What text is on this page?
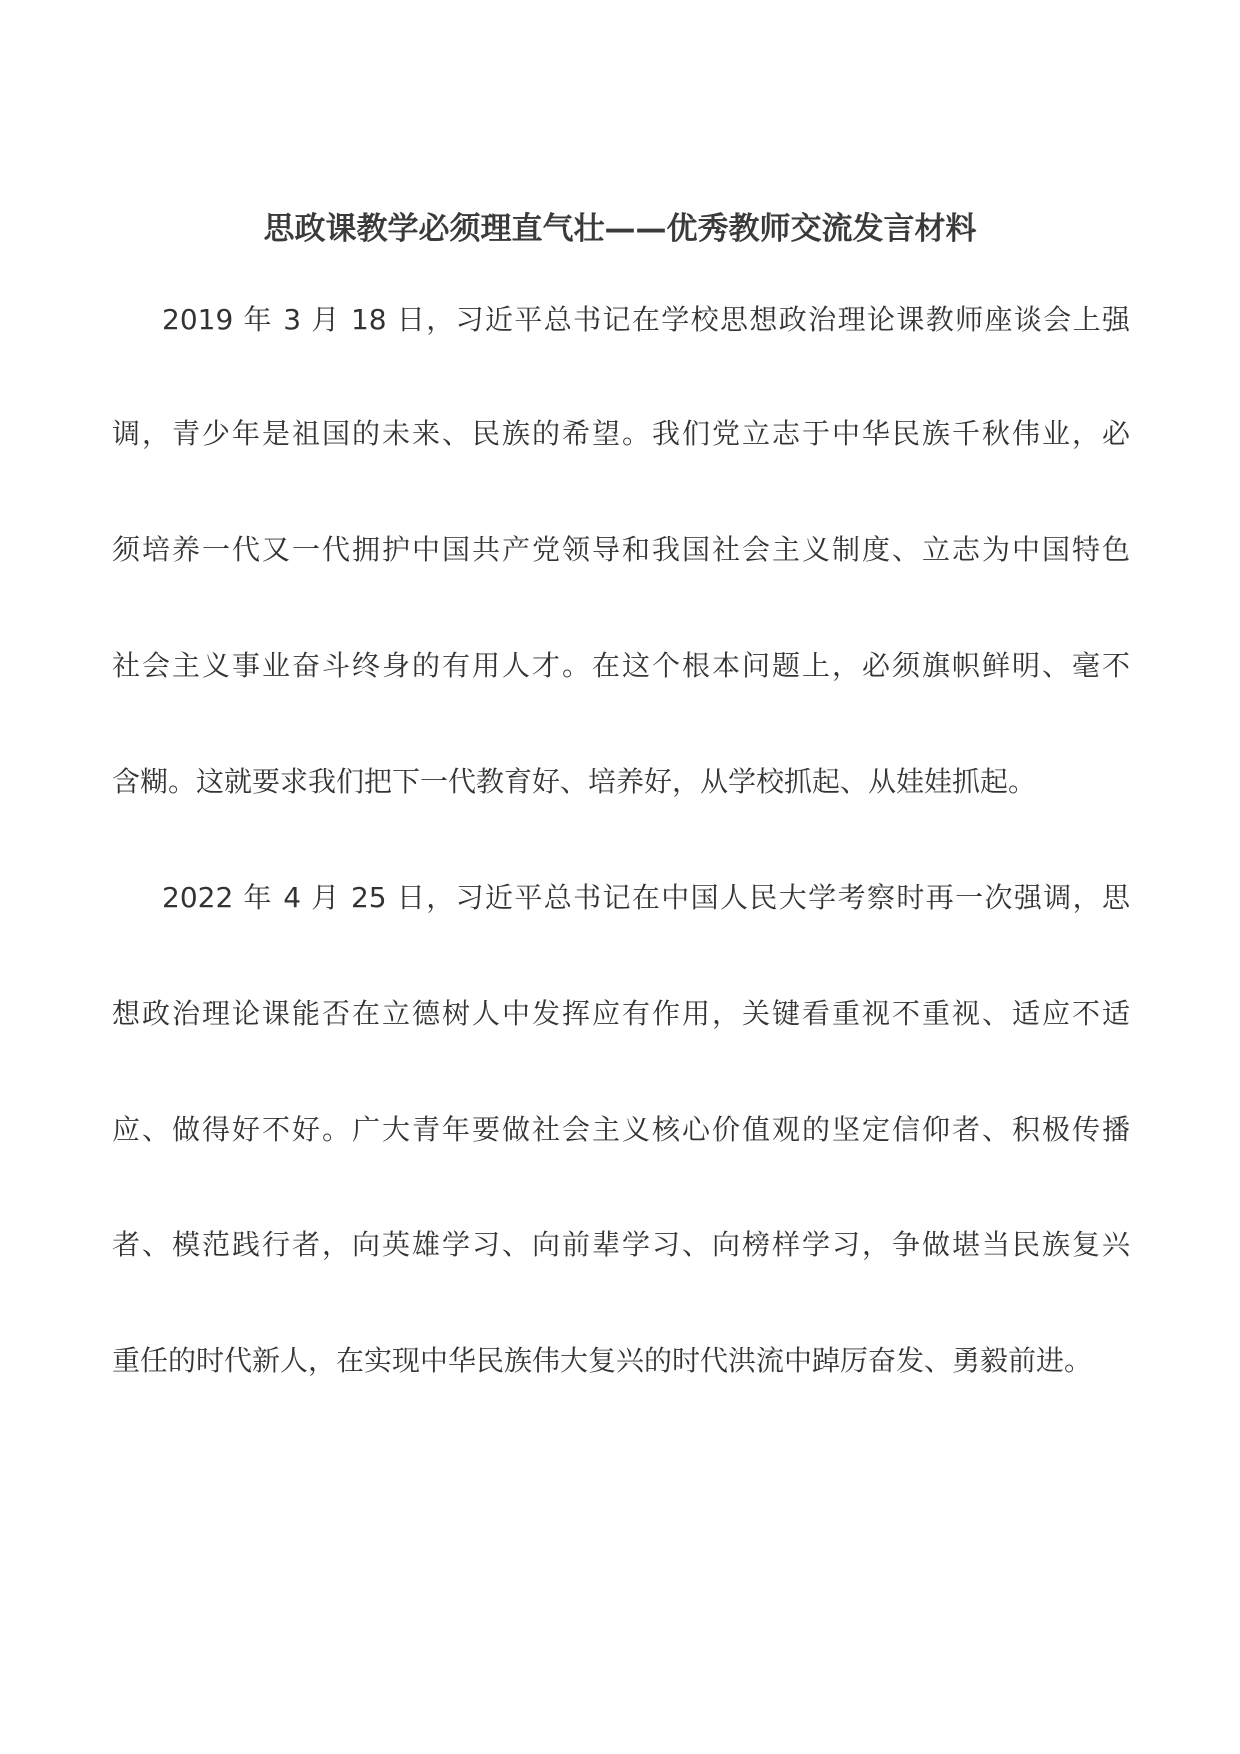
思政课教学必须理直气壮——优秀教师交流发言材料
2019 年 3 月 18 日，习近平总书记在学校思想政治理论课教师座谈会上强
调，青少年是祖国的未来、民族的希望。我们党立志于中华民族千秋伟业，必
须培养一代又一代拥护中国共产党领导和我国社会主义制度、立志为中国特色
社会主义事业奋斗终身的有用人才。在这个根本问题上，必须旗帜鲜明、毫不
含糊。这就要求我们把下一代教育好、培养好，从学校抓起、从娃娃抓起。
2022 年 4 月 25 日，习近平总书记在中国人民大学考察时再一次强调，思
想政治理论课能否在立德树人中发挥应有作用，关键看重视不重视、适应不适
应、做得好不好。广大青年要做社会主义核心价值观的坚定信仰者、积极传播
者、模范践行者，向英雄学习、向前辈学习、向榜样学习，争做堪当民族复兴
重任的时代新人，在实现中华民族伟大复兴的时代洪流中踔厉奋发、勇毅前进。
